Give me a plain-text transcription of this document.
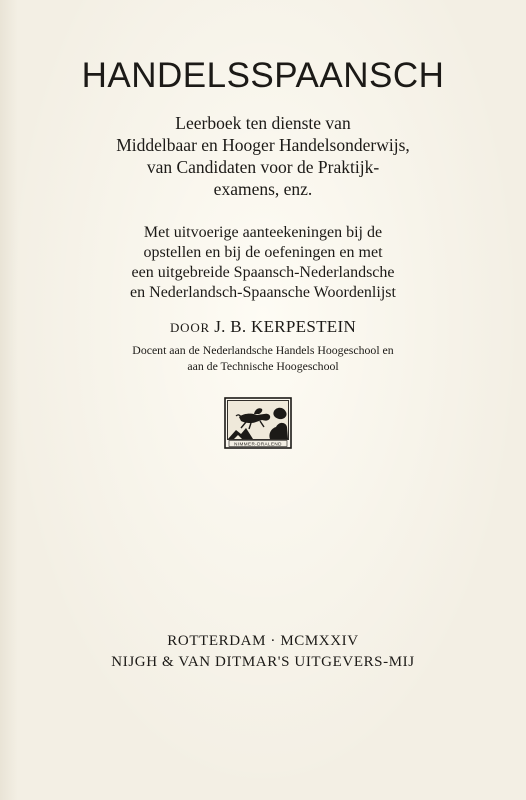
HANDELSSPAANSCH

Leerboek ten dienste van
Middelbaar en Hooger Handelsonderwijs,
van Candidaten voor de Praktijk-
examens, enz.

Met uitvoerige aanteekeningen bij de
opstellen en bij de oefeningen en met
een uitgebreide Spaansch-Nederlandsche
en Nederlandsch-Spaansche Woordenlijst

DOOR J. B. KERPESTEIN

Docent aan de Nederlandsche Handels Hoogeschool en
aan de Technische Hoogeschool

NIMMER-DRALEND

ROTTERDAM · MCMXXIV
NIJGH & VAN DITMAR'S UITGEVERS-MIJ
